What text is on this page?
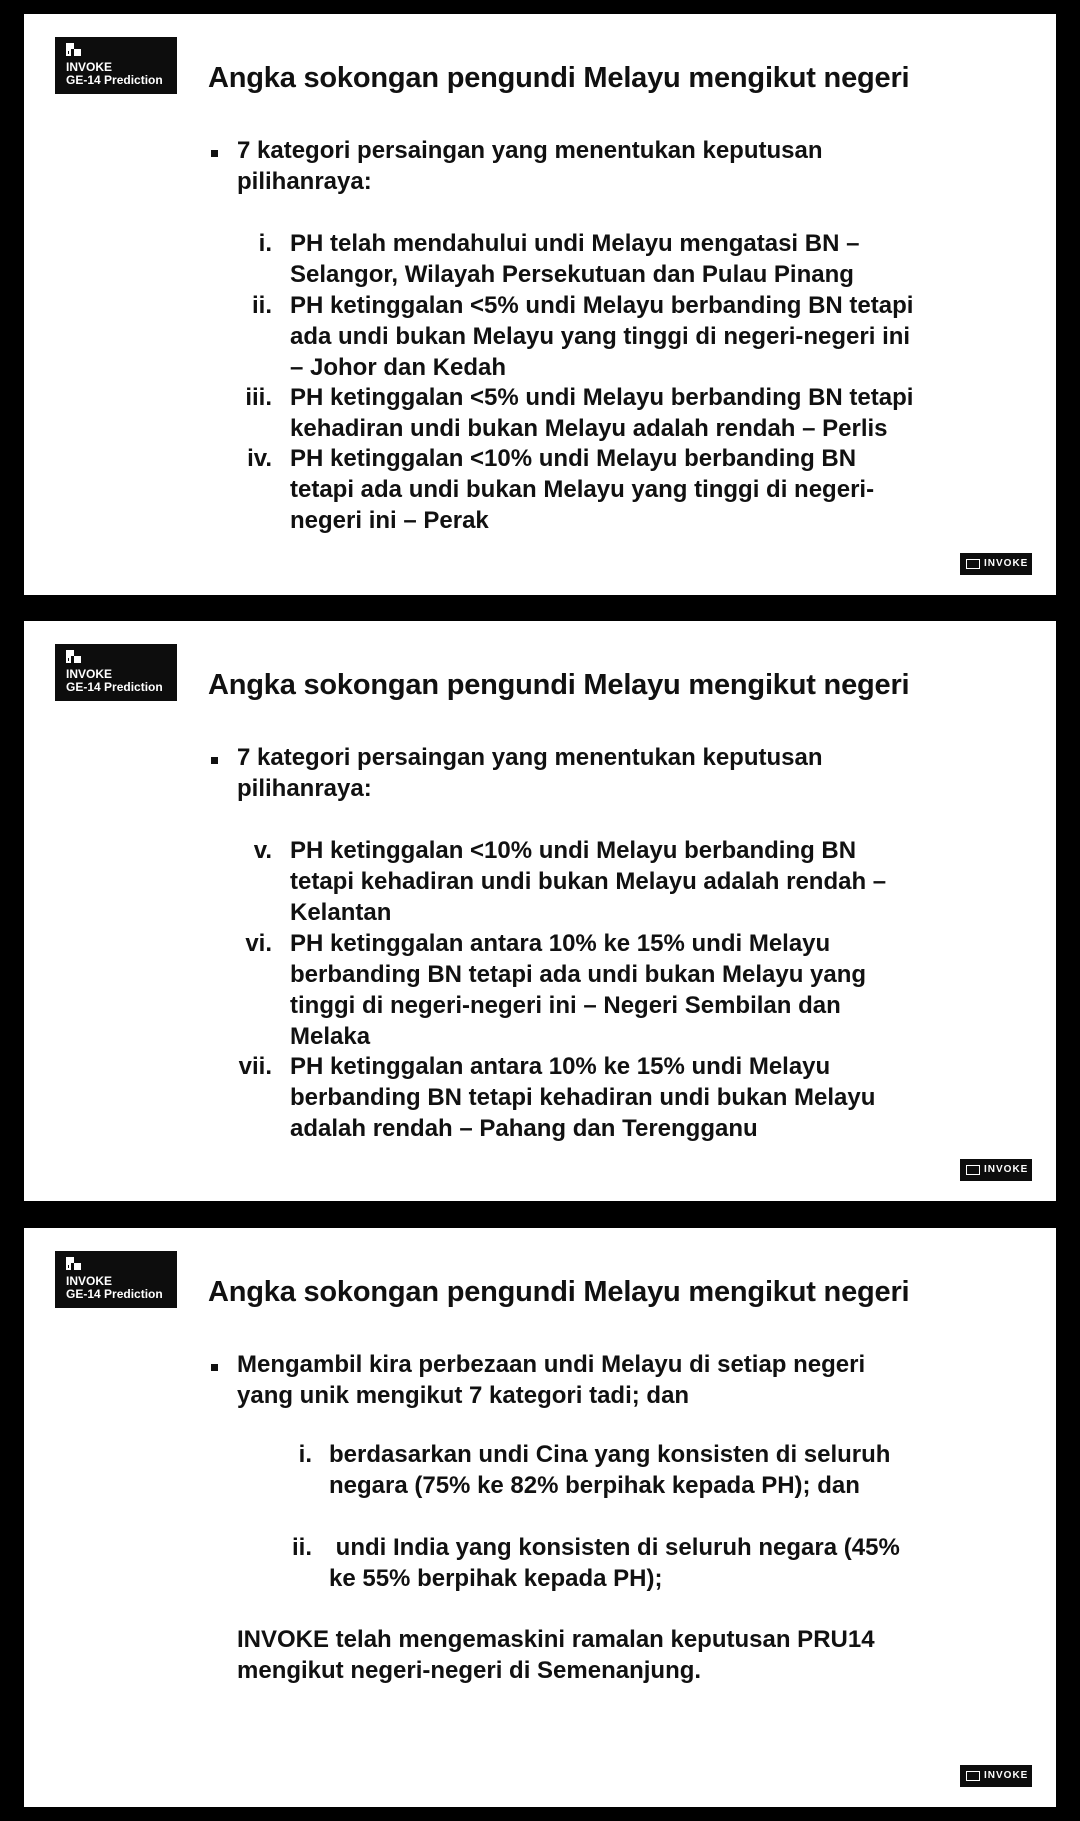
INVOKE
GE-14 Prediction Angka sokongan pengundi Melayu mengikut negeri
7 kategori persaingan yang menentukan keputusan
pilihanraya:
i. PH telah mendahului undi Melayu mengatasi BN –
Selangor, Wilayah Persekutuan dan Pulau Pinang
ii. PH ketinggalan <5% undi Melayu berbanding BN tetapi
ada undi bukan Melayu yang tinggi di negeri-negeri ini
– Johor dan Kedah
iii. PH ketinggalan <5% undi Melayu berbanding BN tetapi
kehadiran undi bukan Melayu adalah rendah – Perlis
iv. PH ketinggalan <10% undi Melayu berbanding BN
tetapi ada undi bukan Melayu yang tinggi di negeri-
negeri ini – Perak
INVOKE
INVOKE
GE-14 Prediction Angka sokongan pengundi Melayu mengikut negeri
7 kategori persaingan yang menentukan keputusan
pilihanraya:
v. PH ketinggalan <10% undi Melayu berbanding BN
tetapi kehadiran undi bukan Melayu adalah rendah –
Kelantan
vi. PH ketinggalan antara 10% ke 15% undi Melayu
berbanding BN tetapi ada undi bukan Melayu yang
tinggi di negeri-negeri ini – Negeri Sembilan dan
Melaka
vii. PH ketinggalan antara 10% ke 15% undi Melayu
berbanding BN tetapi kehadiran undi bukan Melayu
adalah rendah – Pahang dan Terengganu
INVOKE
INVOKE
GE-14 Prediction Angka sokongan pengundi Melayu mengikut negeri
Mengambil kira perbezaan undi Melayu di setiap negeri
yang unik mengikut 7 kategori tadi; dan
i. berdasarkan undi Cina yang konsisten di seluruh
negara (75% ke 82% berpihak kepada PH); dan
ii. undi India yang konsisten di seluruh negara (45%
ke 55% berpihak kepada PH);
INVOKE telah mengemaskini ramalan keputusan PRU14
mengikut negeri-negeri di Semenanjung.
INVOKE
